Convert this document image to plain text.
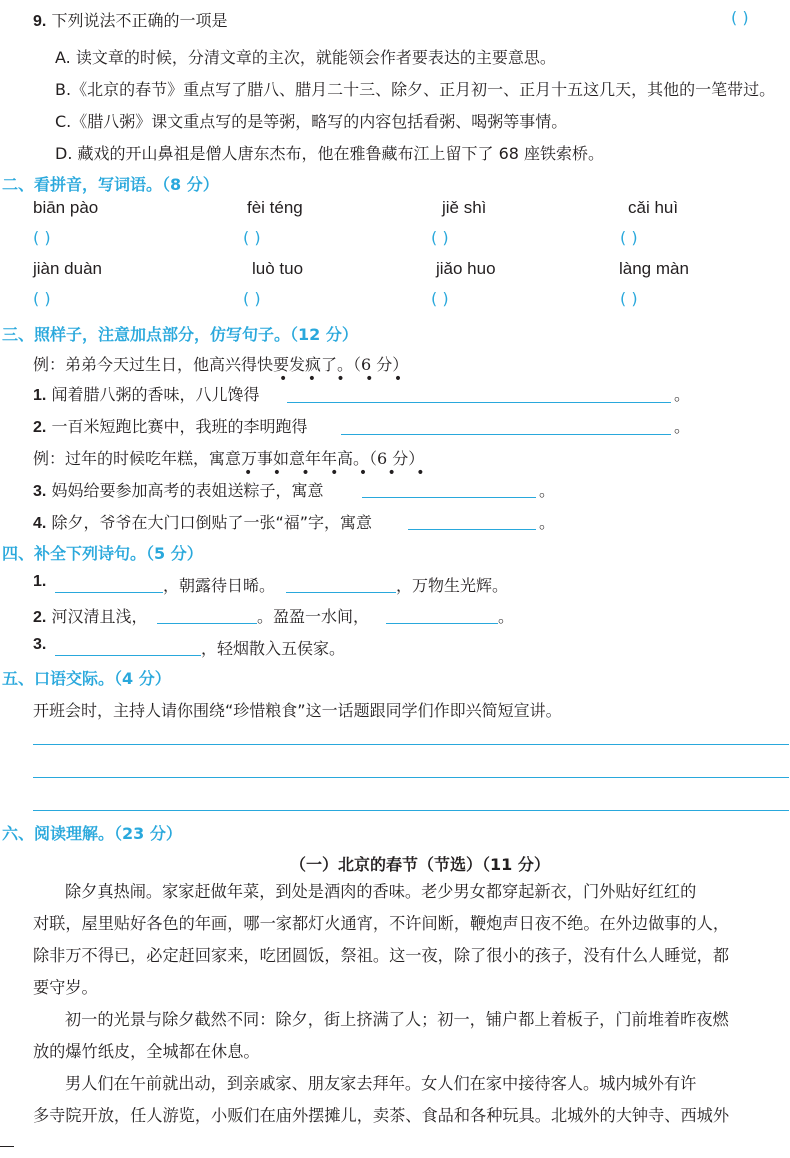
9. 下列说法不正确的一项是	( )
A. 读文章的时候，分清文章的主次，就能领会作者要表达的主要意思。
B.《北京的春节》重点写了腊八、腊月二十三、除夕、正月初一、正月十五这几天，其他的一笔带过。
C.《腊八粥》课文重点写的是等粥，略写的内容包括看粥、喝粥等事情。
D. 藏戏的开山鼻祖是僧人唐东杰布，他在雅鲁藏布江上留下了 68 座铁索桥。
二、看拼音，写词语。（8 分）
biān pào	fèi téng	jiě shì	cǎi huì
( )	( )	( )	( )
jiàn duàn	luò tuo	jiǎo huo	làng màn
( )	( )	( )	( )
三、照样子，注意加点部分，仿写句子。（12 分）
例：弟弟今天过生日，他高兴得快要发疯了。（6 分）
• • • • •
1. 闻着腊八粥的香味，八儿馋得	。
2. 一百米短跑比赛中，我班的李明跑得	。
例：过年的时候吃年糕，寓意万事如意年年高。（6 分）
• • • • • • •
3. 妈妈给要参加高考的表姐送粽子，寓意	。
4. 除夕，爷爷在大门口倒贴了一张“福”字，寓意	。
四、补全下列诗句。（5 分）
1.	，朝露待日晞。	，万物生光辉。
2. 河汉清且浅，	。盈盈一水间，	。
3.	，轻烟散入五侯家。
五、口语交际。（4 分）
开班会时，主持人请你围绕“珍惜粮食”这一话题跟同学们作即兴简短宣讲。
六、阅读理解。（23 分）
（一）北京的春节（节选）（11 分）
除夕真热闹。家家赶做年菜，到处是酒肉的香味。老少男女都穿起新衣，门外贴好红红的
对联，屋里贴好各色的年画，哪一家都灯火通宵，不许间断，鞭炮声日夜不绝。在外边做事的人，
除非万不得已，必定赶回家来，吃团圆饭，祭祖。这一夜，除了很小的孩子，没有什么人睡觉，都
要守岁。
初一的光景与除夕截然不同：除夕，街上挤满了人；初一，铺户都上着板子，门前堆着昨夜燃
放的爆竹纸皮，全城都在休息。
男人们在午前就出动，到亲戚家、朋友家去拜年。女人们在家中接待客人。城内城外有许
多寺院开放，任人游览，小贩们在庙外摆摊儿，卖茶、食品和各种玩具。北城外的大钟寺、西城外
